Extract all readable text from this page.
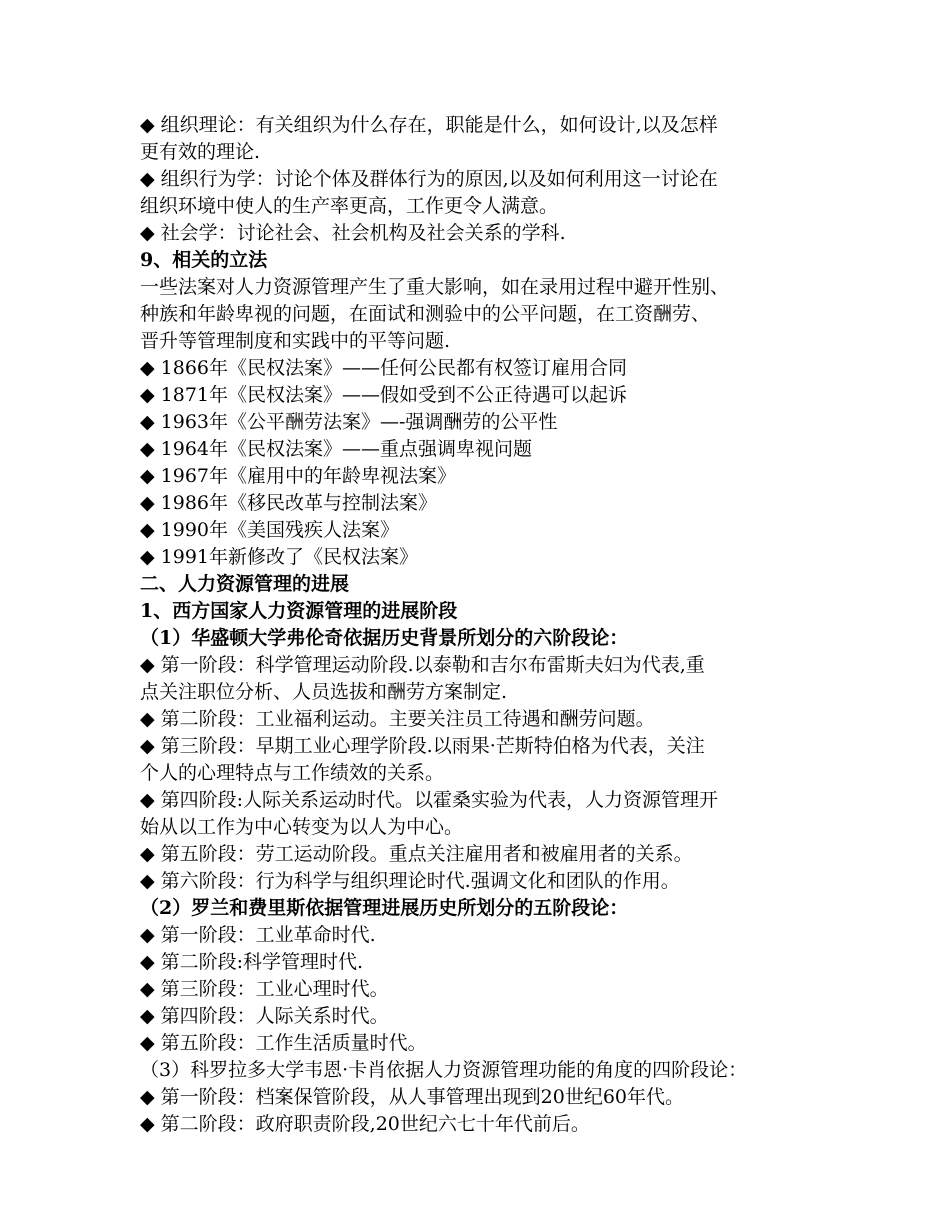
◆ 组织理论：有关组织为什么存在，职能是什么，如何设计,以及怎样
更有效的理论.
◆ 组织行为学：讨论个体及群体行为的原因,以及如何利用这一讨论在
组织环境中使人的生产率更高，工作更令人满意。
◆ 社会学：讨论社会、社会机构及社会关系的学科.
9、相关的立法
一些法案对人力资源管理产生了重大影响，如在录用过程中避开性别、
种族和年龄卑视的问题，在面试和测验中的公平问题，在工资酬劳、
晋升等管理制度和实践中的平等问题.
◆ 1866年《民权法案》——任何公民都有权签订雇用合同
◆ 1871年《民权法案》——假如受到不公正待遇可以起诉
◆ 1963年《公平酬劳法案》—-强调酬劳的公平性
◆ 1964年《民权法案》——重点强调卑视问题
◆ 1967年《雇用中的年龄卑视法案》
◆ 1986年《移民改革与控制法案》
◆ 1990年《美国残疾人法案》
◆ 1991年新修改了《民权法案》
二、人力资源管理的进展
1、西方国家人力资源管理的进展阶段
（1）华盛顿大学弗伦奇依据历史背景所划分的六阶段论：
◆ 第一阶段：科学管理运动阶段.以泰勒和吉尔布雷斯夫妇为代表,重
点关注职位分析、人员选拔和酬劳方案制定.
◆ 第二阶段：工业福利运动。主要关注员工待遇和酬劳问题。
◆ 第三阶段：早期工业心理学阶段.以雨果·芒斯特伯格为代表，关注
个人的心理特点与工作绩效的关系。
◆ 第四阶段:人际关系运动时代。以霍桑实验为代表，人力资源管理开
始从以工作为中心转变为以人为中心。
◆ 第五阶段：劳工运动阶段。重点关注雇用者和被雇用者的关系。
◆ 第六阶段：行为科学与组织理论时代.强调文化和团队的作用。
（2）罗兰和费里斯依据管理进展历史所划分的五阶段论：
◆ 第一阶段：工业革命时代.
◆ 第二阶段:科学管理时代.
◆ 第三阶段：工业心理时代。
◆ 第四阶段：人际关系时代。
◆ 第五阶段：工作生活质量时代。
（3）科罗拉多大学韦恩·卡肖依据人力资源管理功能的角度的四阶段论：
◆ 第一阶段：档案保管阶段，从人事管理出现到20世纪60年代。
◆ 第二阶段：政府职责阶段,20世纪六七十年代前后。
